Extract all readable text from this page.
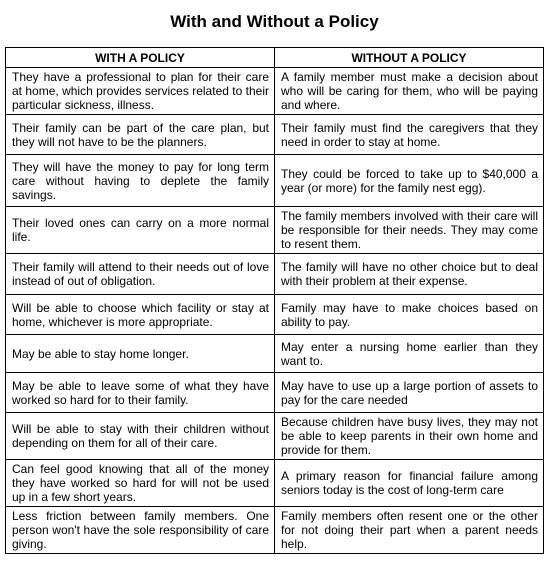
With and Without a Policy
WITH A POLICY	WITHOUT A POLICY
They have a professional to plan for their care at home, which provides services related to their particular sickness, illness.	A family member must make a decision about who will be caring for them, who will be paying and where.
Their family can be part of the care plan, but they will not have to be the planners.	Their family must find the caregivers that they need in order to stay at home.
They will have the money to pay for long term care without having to deplete the family savings.	They could be forced to take up to $40,000 a year (or more) for the family nest egg).
Their loved ones can carry on a more normal life.	The family members involved with their care will be responsible for their needs. They may come to resent them.
Their family will attend to their needs out of love instead of out of obligation.	The family will have no other choice but to deal with their problem at their expense.
Will be able to choose which facility or stay at home, whichever is more appropriate.	Family may have to make choices based on ability to pay.
May be able to stay home longer.	May enter a nursing home earlier than they want to.
May be able to leave some of what they have worked so hard for to their family.	May have to use up a large portion of assets to pay for the care needed
Will be able to stay with their children without depending on them for all of their care.	Because children have busy lives, they may not be able to keep parents in their own home and provide for them.
Can feel good knowing that all of the money they have worked so hard for will not be used up in a few short years.	A primary reason for financial failure among seniors today is the cost of long-term care
Less friction between family members. One person won't have the sole responsibility of care giving.	Family members often resent one or the other for not doing their part when a parent needs help.
